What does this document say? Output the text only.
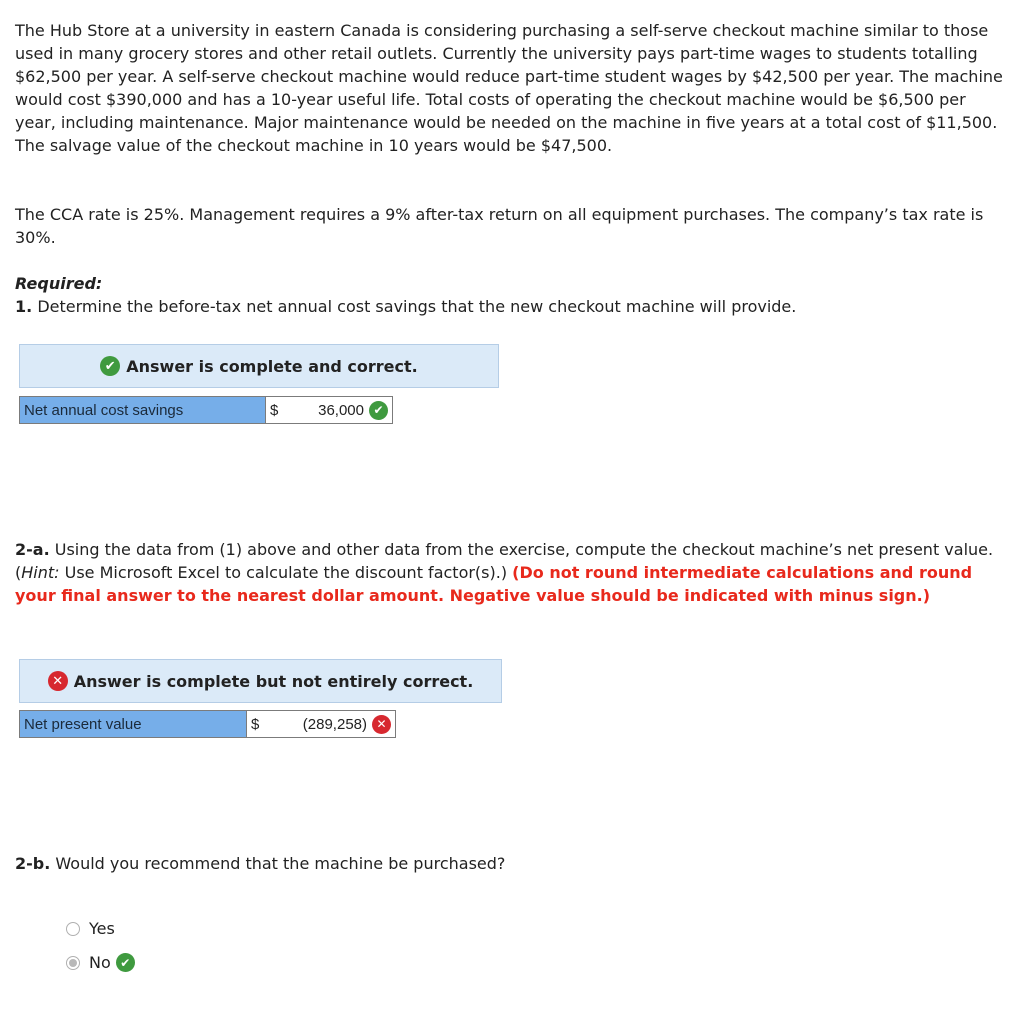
The Hub Store at a university in eastern Canada is considering purchasing a self-serve checkout machine similar to those used in many grocery stores and other retail outlets. Currently the university pays part-time wages to students totalling $62,500 per year. A self-serve checkout machine would reduce part-time student wages by $42,500 per year. The machine would cost $390,000 and has a 10-year useful life. Total costs of operating the checkout machine would be $6,500 per year, including maintenance. Major maintenance would be needed on the machine in five years at a total cost of $11,500. The salvage value of the checkout machine in 10 years would be $47,500.

The CCA rate is 25%. Management requires a 9% after-tax return on all equipment purchases. The company’s tax rate is 30%.

Required:
1. Determine the before-tax net annual cost savings that the new checkout machine will provide.

✔ Answer is complete and correct.
Net annual cost savings	$	36,000 ✔

2-a. Using the data from (1) above and other data from the exercise, compute the checkout machine’s net present value. (Hint: Use Microsoft Excel to calculate the discount factor(s).) (Do not round intermediate calculations and round your final answer to the nearest dollar amount. Negative value should be indicated with minus sign.)

✕ Answer is complete but not entirely correct.
Net present value	$	(289,258) ✕

2-b. Would you recommend that the machine be purchased?

Yes
No ✔
